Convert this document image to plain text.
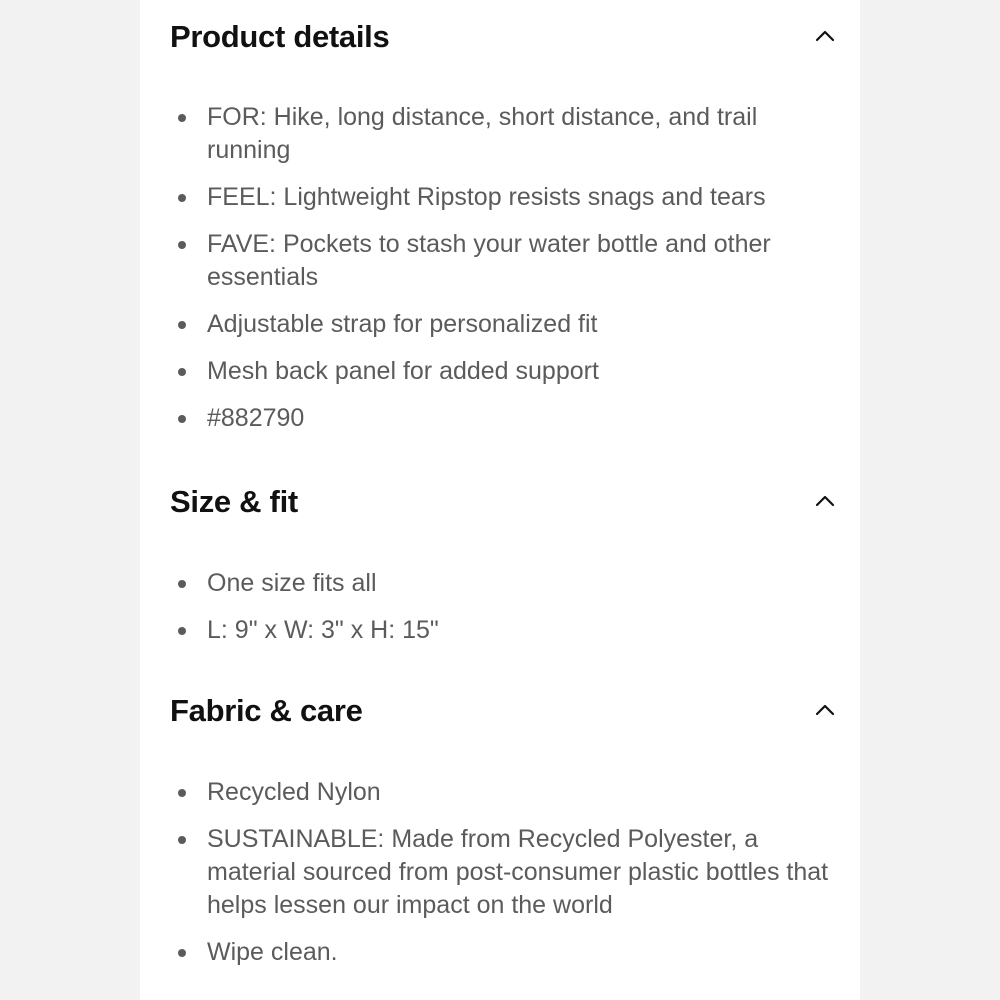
Product details
FOR: Hike, long distance, short distance, and trail running
FEEL: Lightweight Ripstop resists snags and tears
FAVE: Pockets to stash your water bottle and other essentials
Adjustable strap for personalized fit
Mesh back panel for added support
#882790
Size & fit
One size fits all
L: 9" x W: 3" x H: 15"
Fabric & care
Recycled Nylon
SUSTAINABLE: Made from Recycled Polyester, a material sourced from post-consumer plastic bottles that helps lessen our impact on the world
Wipe clean.
